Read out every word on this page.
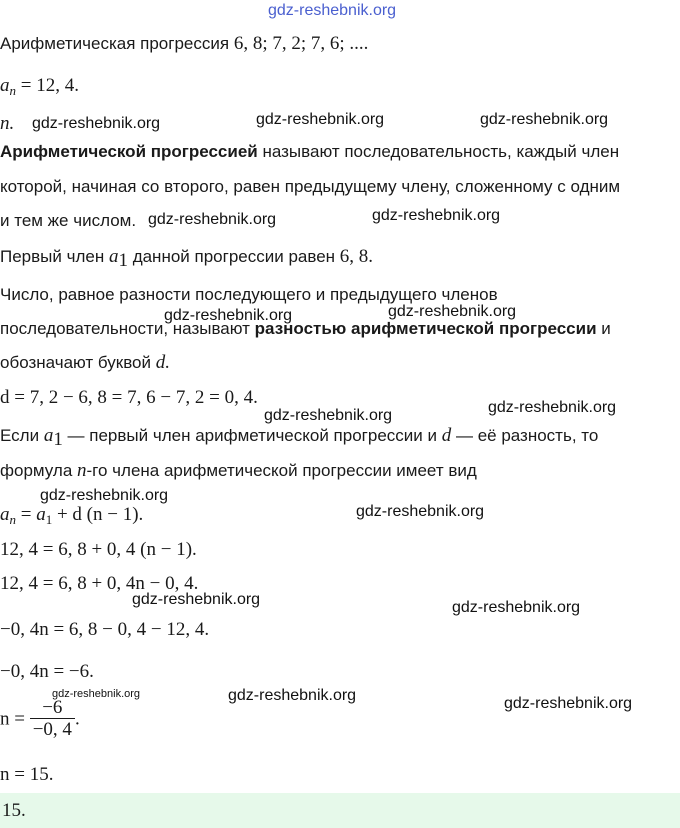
gdz-reshebnik.org
Арифметическая прогрессия 6, 8; 7, 2; 7, 6; ....
$a_n = 12$, 4.
n.
Арифметической прогрессией называют последовательность, каждый член
которой, начиная со второго, равен предыдущему члену, сложенному с одним
и тем же числом.
Первый член $a_1$ данной прогрессии равен 6, 8.
Число, равное разности последующего и предыдущего членов
последовательности, называют разностью арифметической прогрессии и
обозначают буквой d.
d = 7, 2 − 6, 8 = 7, 6 − 7, 2 = 0, 4.
Если $a_1$ — первый член арифметической прогрессии и d — её разность, то
формула n-го члена арифметической прогрессии имеет вид
$a_n = a_1 + d$ (n − 1).
12, 4 = 6, 8 + 0, 4 (n − 1).
12, 4 = 6, 8 + 0, 4n − 0, 4.
−0, 4n = 6, 8 − 0, 4 − 12, 4.
−0, 4n = −6.
$n = \frac{-6}{-0, 4}$ .
n = 15.
15.
gdz-reshebnik.org	gdz-reshebnik.org	gdz-reshebnik.org
gdz-reshebnik.org	gdz-reshebnik.org
gdz-reshebnik.org	gdz-reshebnik.org
gdz-reshebnik.org	gdz-reshebnik.org
gdz-reshebnik.org
gdz-reshebnik.org
gdz-reshebnik.org	gdz-reshebnik.org
gdz-reshebnik.org	gdz-reshebnik.org	gdz-reshebnik.org
